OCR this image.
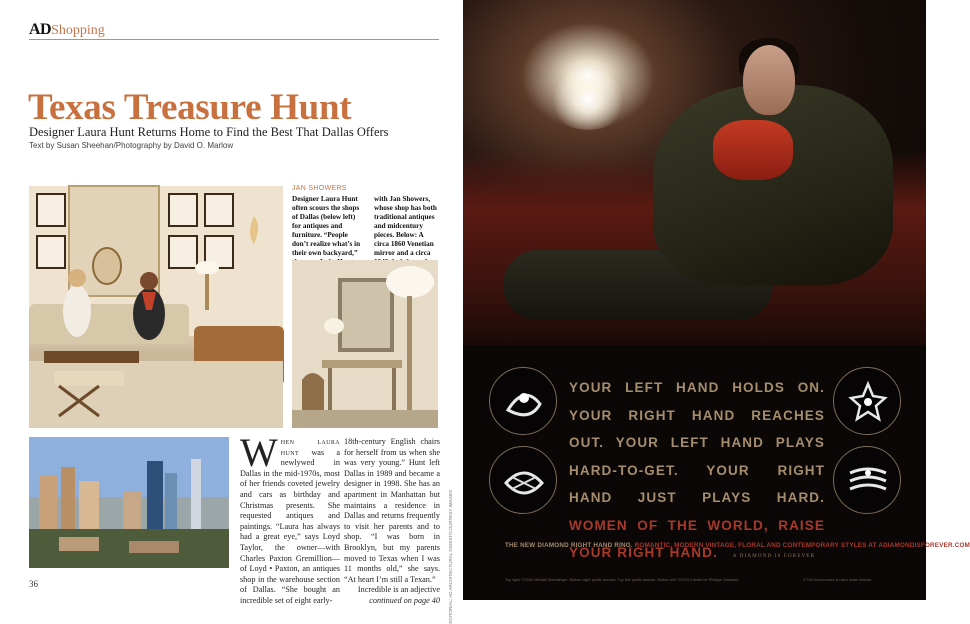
ADShopping
Texas Treasure Hunt
Designer Laura Hunt Returns Home to Find the Best That Dallas Offers
Text by Susan Sheehan/Photography by David O. Marlow
JAN SHOWERS
Designer Laura Hunt often scours the shops of Dallas (below left) for antiques and furniture. “People don’t realize what’s in their own backyard,”
with Jan Showers, whose shop has both traditional antiques and midcentury pieces. Below: A circa 1860 Venetian mirror and a circa
When laura hunt was a newlywed in Dallas in the mid-1970s, most of her friends coveted jewelry and cars as birthday and Christmas presents. She requested antiques and paintings. “Laura has always had a great eye,” says Loyd Taylor, the owner—with Charles Paxton Gremillion—of Loyd • Paxton, an antiques shop in the warehouse section of Dallas. “She bought an incredible set of eight early-
18th-century English chairs for herself from us when she was very young.” Hunt left Dallas in 1989 and became a designer in 1998. She has an apartment in Manhattan but maintains a residence in Dallas and returns frequently to visit her parents and to shop. “I was born in Brooklyn, but my parents moved to Texas when I was 11 months old,” she says. “At heart I’m still a Texan.”
Incredible is an adjective
continued on page 40 EDITORIAL: AD ARCHITECTURAL DIGEST/COURTESY IMAGES
36
YOUR LEFT HAND HOLDS ON. YOUR RIGHT HAND REACHES OUT. YOUR LEFT HAND PLAYS HARD-TO-GET. YOUR RIGHT HAND JUST PLAYS HARD. WOMEN OF THE WORLD, RAISE YOUR RIGHT HAND.	A DIAMOND IS FOREVER
THE NEW DIAMOND RIGHT HAND RING. ROMANTIC, MODERN VINTAGE, FLORAL AND CONTEMPORARY STYLES AT ADIAMONDISFOREVER.COM
Top right: ©2003 Michael Weinberger. Bottom right: public domain. Top left: public domain. Bottom left: ©2003 Candle for Philippe Zaanand.	© The forevermark is used under license.
